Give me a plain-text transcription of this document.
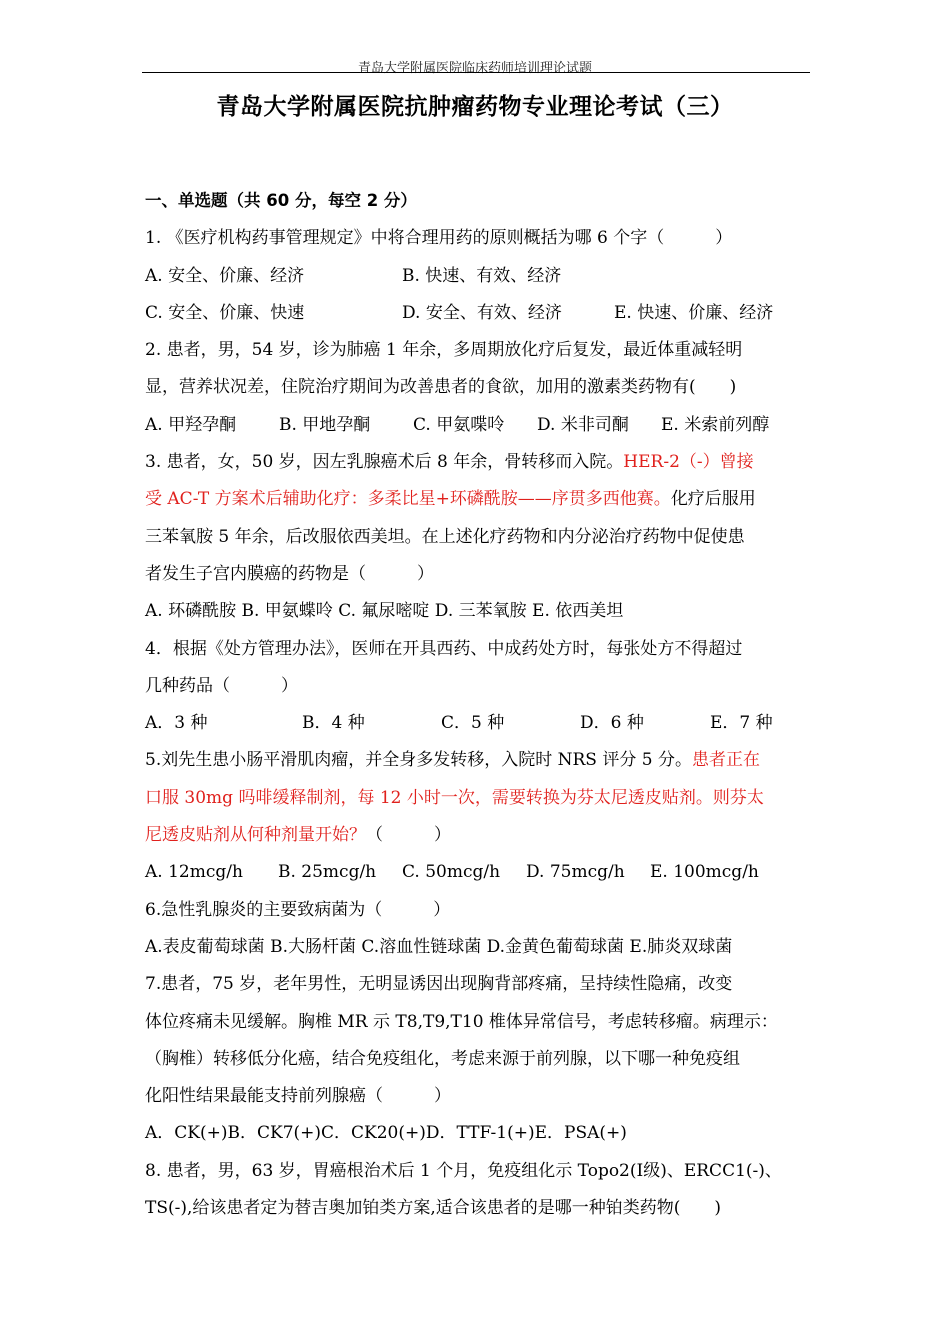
青岛大学附属医院临床药师培训理论试题
青岛大学附属医院抗肿瘤药物专业理论考试（三）
一、单选题（共 60 分，每空 2 分）
1. 《医疗机构药事管理规定》中将合理用药的原则概括为哪 6 个字（　　　）
A. 安全、价廉、经济	B. 快速、有效、经济
C. 安全、价廉、快速	D. 安全、有效、经济	E. 快速、价廉、经济
2. 患者，男，54 岁，诊为肺癌 1 年余，多周期放化疗后复发，最近体重减轻明
显，营养状况差，住院治疗期间为改善患者的食欲，加用的激素类药物有(　　)
A. 甲羟孕酮	B. 甲地孕酮	C. 甲氨喋呤 D. 米非司酮 E. 米索前列醇
3. 患者，女，50 岁，因左乳腺癌术后 8 年余，骨转移而入院。HER-2（-）曾接
受 AC-T 方案术后辅助化疗：多柔比星+环磷酰胺——序贯多西他赛。化疗后服用
三苯氧胺 5 年余，后改服依西美坦。在上述化疗药物和内分泌治疗药物中促使患
者发生子宫内膜癌的药物是（　　　）
A. 环磷酰胺 B. 甲氨蝶呤 C. 氟尿嘧啶 D. 三苯氧胺 E. 依西美坦
4．根据《处方管理办法》，医师在开具西药、中成药处方时，每张处方不得超过
几种药品（　　　）
A．3 种	B．4 种	C．5 种	D．6 种	E．7 种
5.刘先生患小肠平滑肌肉瘤，并全身多发转移，入院时 NRS 评分 5 分。患者正在
口服 30mg 吗啡缓释制剂，每 12 小时一次，需要转换为芬太尼透皮贴剂。则芬太
尼透皮贴剂从何种剂量开始？（　　　）
A. 12mcg/h B. 25mcg/h C. 50mcg/h D. 75mcg/h E. 100mcg/h
6.急性乳腺炎的主要致病菌为（　　　）
A.表皮葡萄球菌 B.大肠杆菌 C.溶血性链球菌 D.金黄色葡萄球菌 E.肺炎双球菌
7.患者，75 岁，老年男性，无明显诱因出现胸背部疼痛，呈持续性隐痛，改变
体位疼痛未见缓解。胸椎 MR 示 T8,T9,T10 椎体异常信号，考虑转移瘤。病理示：
（胸椎）转移低分化癌，结合免疫组化，考虑来源于前列腺，以下哪一种免疫组
化阳性结果最能支持前列腺癌（　　　）
A．CK(+)B．CK7(+)C．CK20(+)D．TTF-1(+)E．PSA(+)
8. 患者，男，63 岁，胃癌根治术后 1 个月，免疫组化示 Topo2(Ⅰ级)、ERCC1(-)、
TS(-),给该患者定为替吉奥加铂类方案,适合该患者的是哪一种铂类药物(　　)
